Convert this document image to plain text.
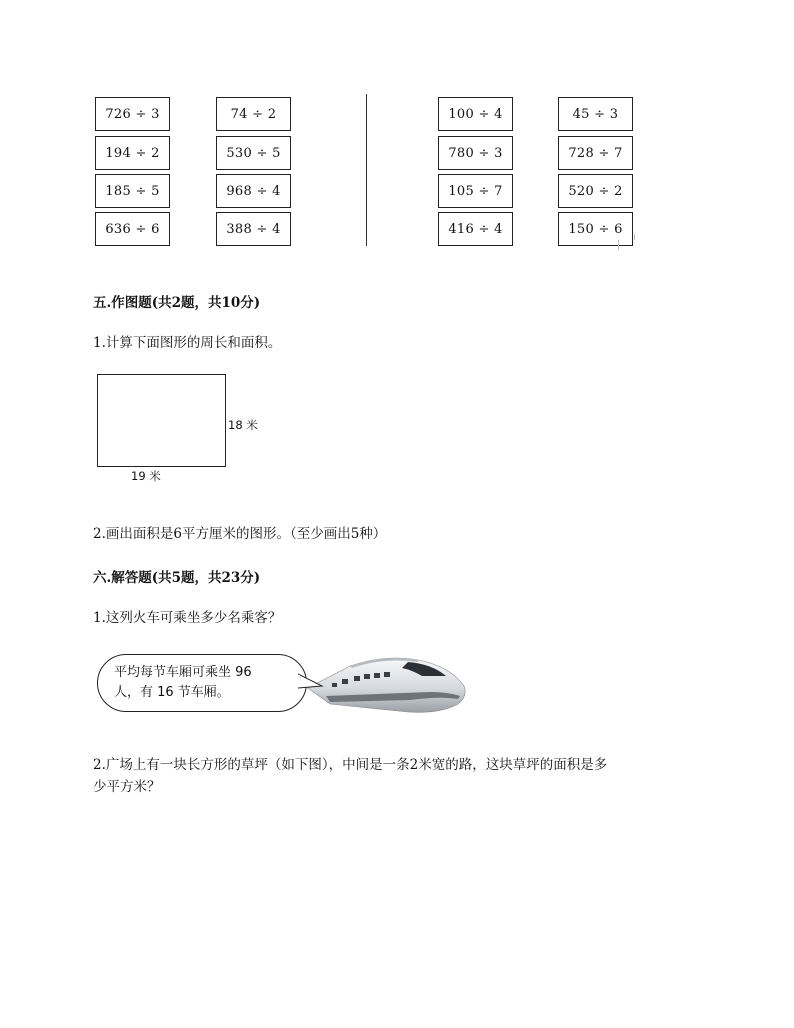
726 ÷ 3	74 ÷ 2
194 ÷ 2	530 ÷ 5
185 ÷ 5	968 ÷ 4
636 ÷ 6	388 ÷ 4
100 ÷ 4	45 ÷ 3
780 ÷ 3	728 ÷ 7
105 ÷ 7	520 ÷ 2
416 ÷ 4	150 ÷ 6
五.作图题(共2题，共10分)
1.计算下面图形的周长和面积。
18 米
19 米
2.画出面积是6平方厘米的图形。（至少画出5种）
六.解答题(共5题，共23分)
1.这列火车可乘坐多少名乘客？
平均每节车厢可乘坐 96
人，有 16 节车厢。
2.广场上有一块长方形的草坪（如下图），中间是一条2米宽的路，这块草坪的面积是多
少平方米？
